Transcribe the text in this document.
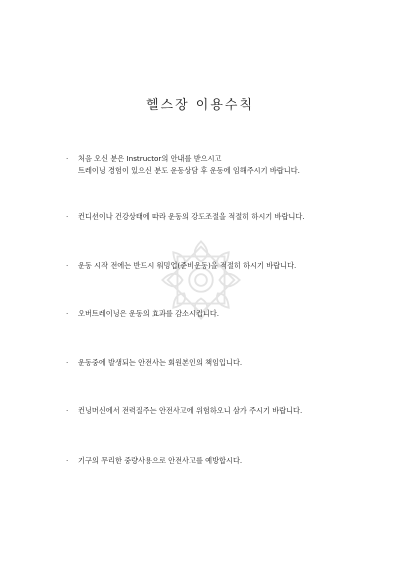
헬스장 이용수칙
·	처음 오신 분은 Instructor의 안내를 받으시고
트레이닝 경험이 있으신 분도 운동상담 후 운동에 임해주시기 바랍니다.
·	컨디션이나 건강상태에 따라 운동의 강도조절을 적절히 하시기 바랍니다.
·	운동 시작 전에는 반드시 워밍업(준비운동)을 적절히 하시기 바랍니다.
·	오버트레이닝은 운동의 효과를 감소시킵니다.
·	운동중에 발생되는 안전사는 회원본인의 책임입니다.
·	컨닝머신에서 전력질주는 안전사고에 위험하오니 삼가 주시기 바랍니다.
·	기구의 무리한 중량사용으로 안전사고를 예방합시다.
